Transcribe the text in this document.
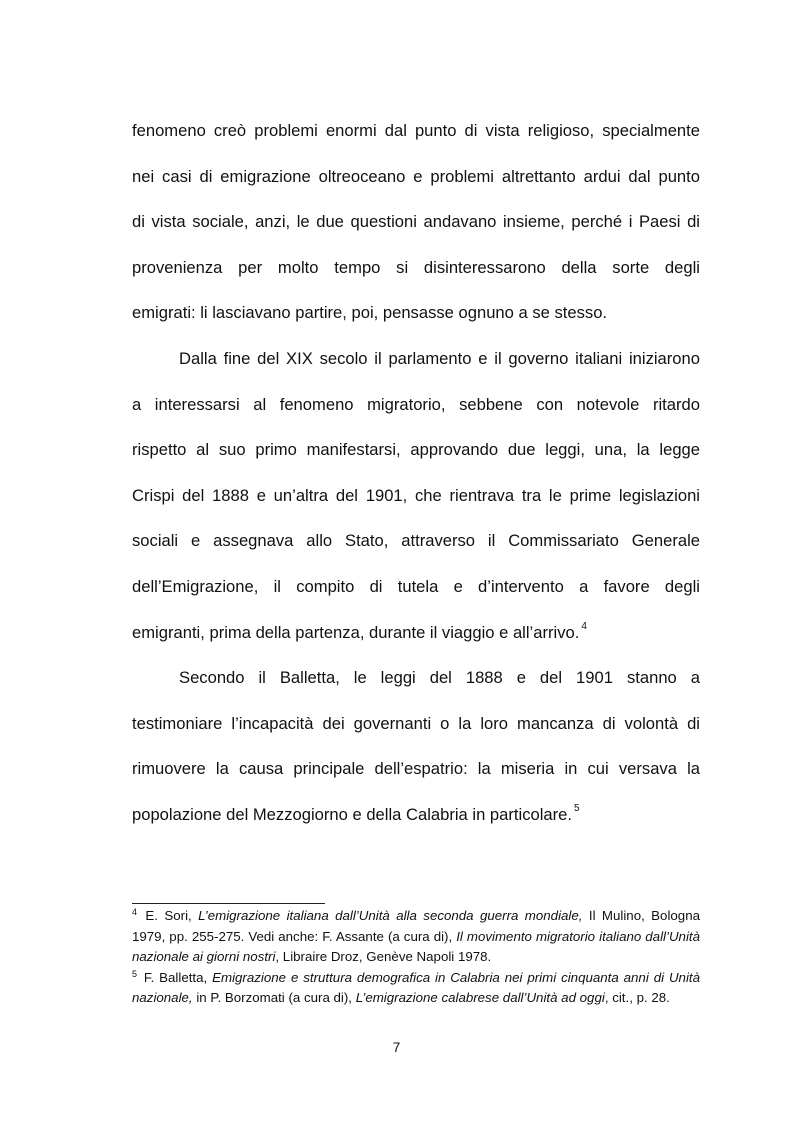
fenomeno creò problemi enormi dal punto di vista religioso, specialmente
nei casi di emigrazione oltreoceano e problemi altrettanto ardui dal punto
di vista sociale, anzi, le due questioni andavano insieme, perché i Paesi di
provenienza per molto tempo si disinteressarono della sorte degli
emigrati: li lasciavano partire, poi, pensasse ognuno a se stesso.
Dalla fine del XIX secolo il parlamento e il governo italiani iniziarono
a interessarsi al fenomeno migratorio, sebbene con notevole ritardo
rispetto al suo primo manifestarsi, approvando due leggi, una, la legge
Crispi del 1888 e un’altra del 1901, che rientrava tra le prime legislazioni
sociali e assegnava allo Stato, attraverso il Commissariato Generale
dell’Emigrazione, il compito di tutela e d’intervento a favore degli
emigranti, prima della partenza, durante il viaggio e all’arrivo. $^4$
Secondo il Balletta, le leggi del 1888 e del 1901 stanno a
testimoniare l’incapacità dei governanti o la loro mancanza di volontà di
rimuovere la causa principale dell’espatrio: la miseria in cui versava la
popolazione del Mezzogiorno e della Calabria in particolare. $^5$

$^4$ E. Sori, L’emigrazione italiana dall’Unità alla seconda guerra mondiale, Il Mulino, Bologna 1979, pp. 255-275. Vedi anche: F. Assante (a cura di), Il movimento migratorio italiano dall’Unità nazionale ai giorni nostri, Libraire Droz, Genève Napoli 1978.

$^5$ F. Balletta, Emigrazione e struttura demografica in Calabria nei primi cinquanta anni di Unità nazionale, in P. Borzomati (a cura di), L’emigrazione calabrese dall’Unità ad oggi, cit., p. 28.

7
